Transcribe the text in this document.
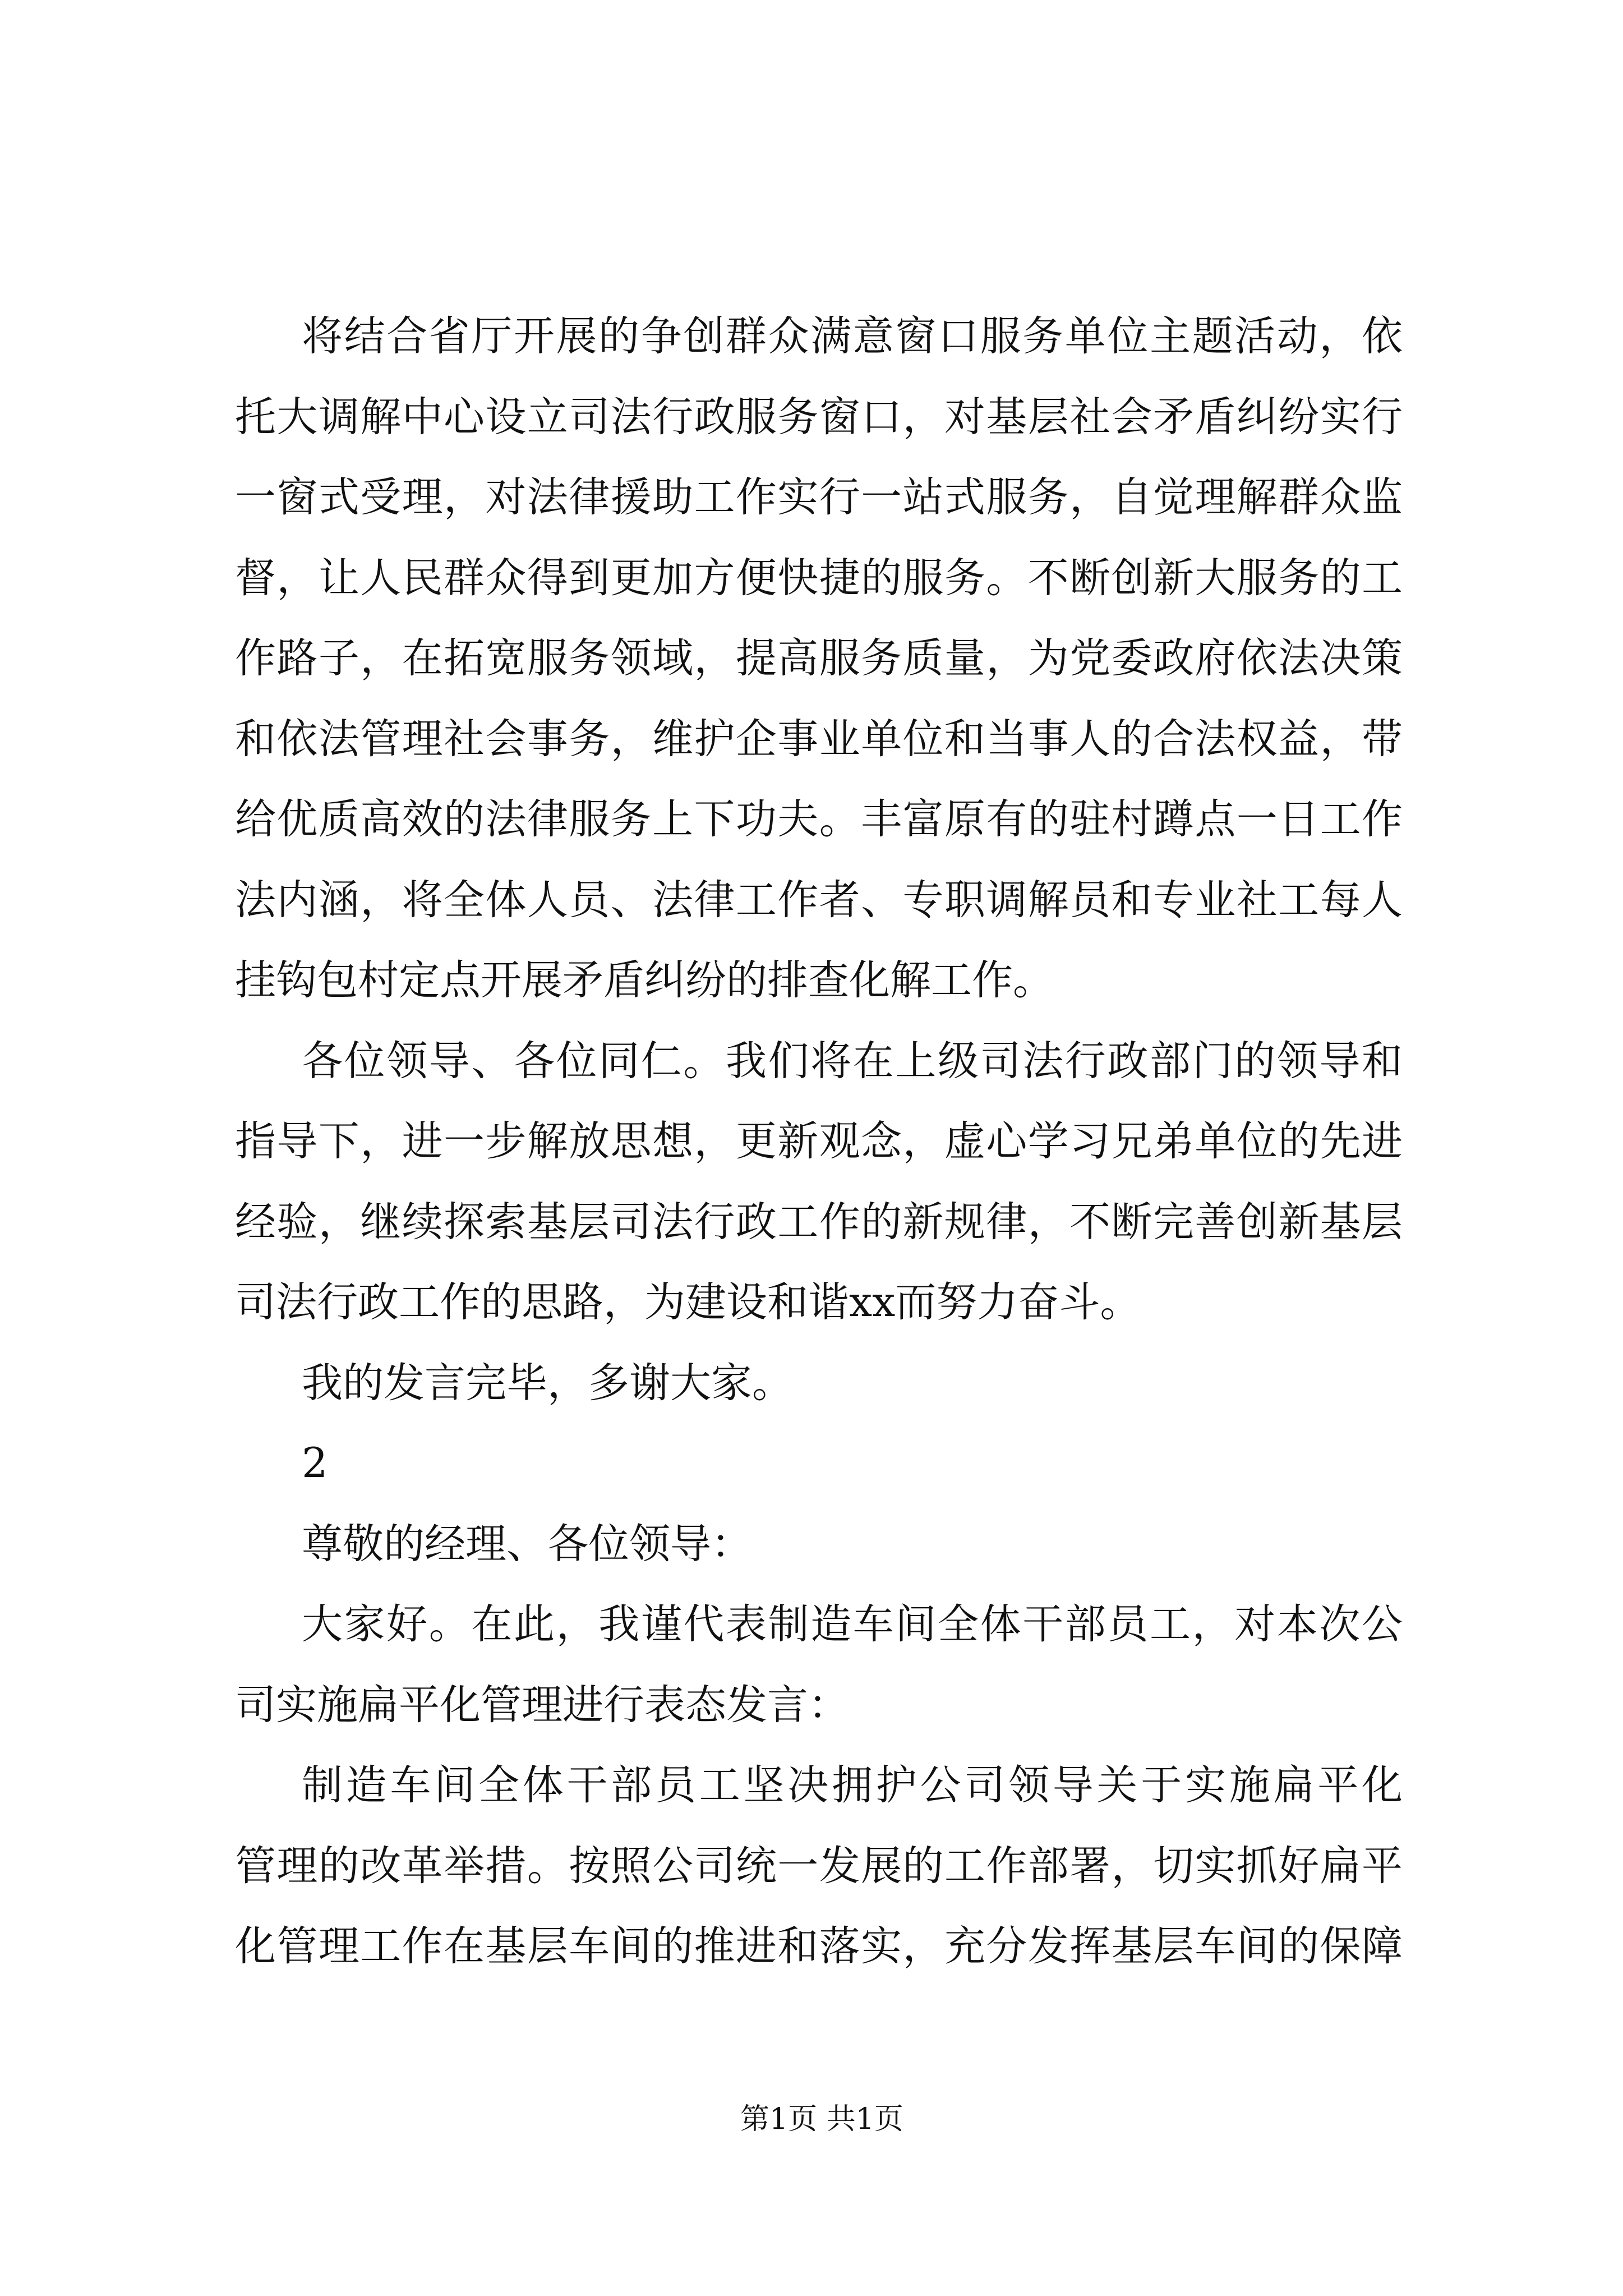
将结合省厅开展的争创群众满意窗口服务单位主题活动，依
托大调解中心设立司法行政服务窗口，对基层社会矛盾纠纷实行
一窗式受理，对法律援助工作实行一站式服务，自觉理解群众监
督，让人民群众得到更加方便快捷的服务。不断创新大服务的工
作路子，在拓宽服务领域，提高服务质量，为党委政府依法决策
和依法管理社会事务，维护企事业单位和当事人的合法权益，带
给优质高效的法律服务上下功夫。丰富原有的驻村蹲点一日工作
法内涵，将全体人员、法律工作者、专职调解员和专业社工每人
挂钩包村定点开展矛盾纠纷的排查化解工作。
各位领导、各位同仁。我们将在上级司法行政部门的领导和
指导下，进一步解放思想，更新观念，虚心学习兄弟单位的先进
经验，继续探索基层司法行政工作的新规律，不断完善创新基层
司法行政工作的思路，为建设和谐xx而努力奋斗。
我的发言完毕，多谢大家。
2
尊敬的经理、各位领导：
大家好。在此，我谨代表制造车间全体干部员工，对本次公
司实施扁平化管理进行表态发言：
制造车间全体干部员工坚决拥护公司领导关于实施扁平化
管理的改革举措。按照公司统一发展的工作部署，切实抓好扁平
化管理工作在基层车间的推进和落实，充分发挥基层车间的保障
第1页 共1页
